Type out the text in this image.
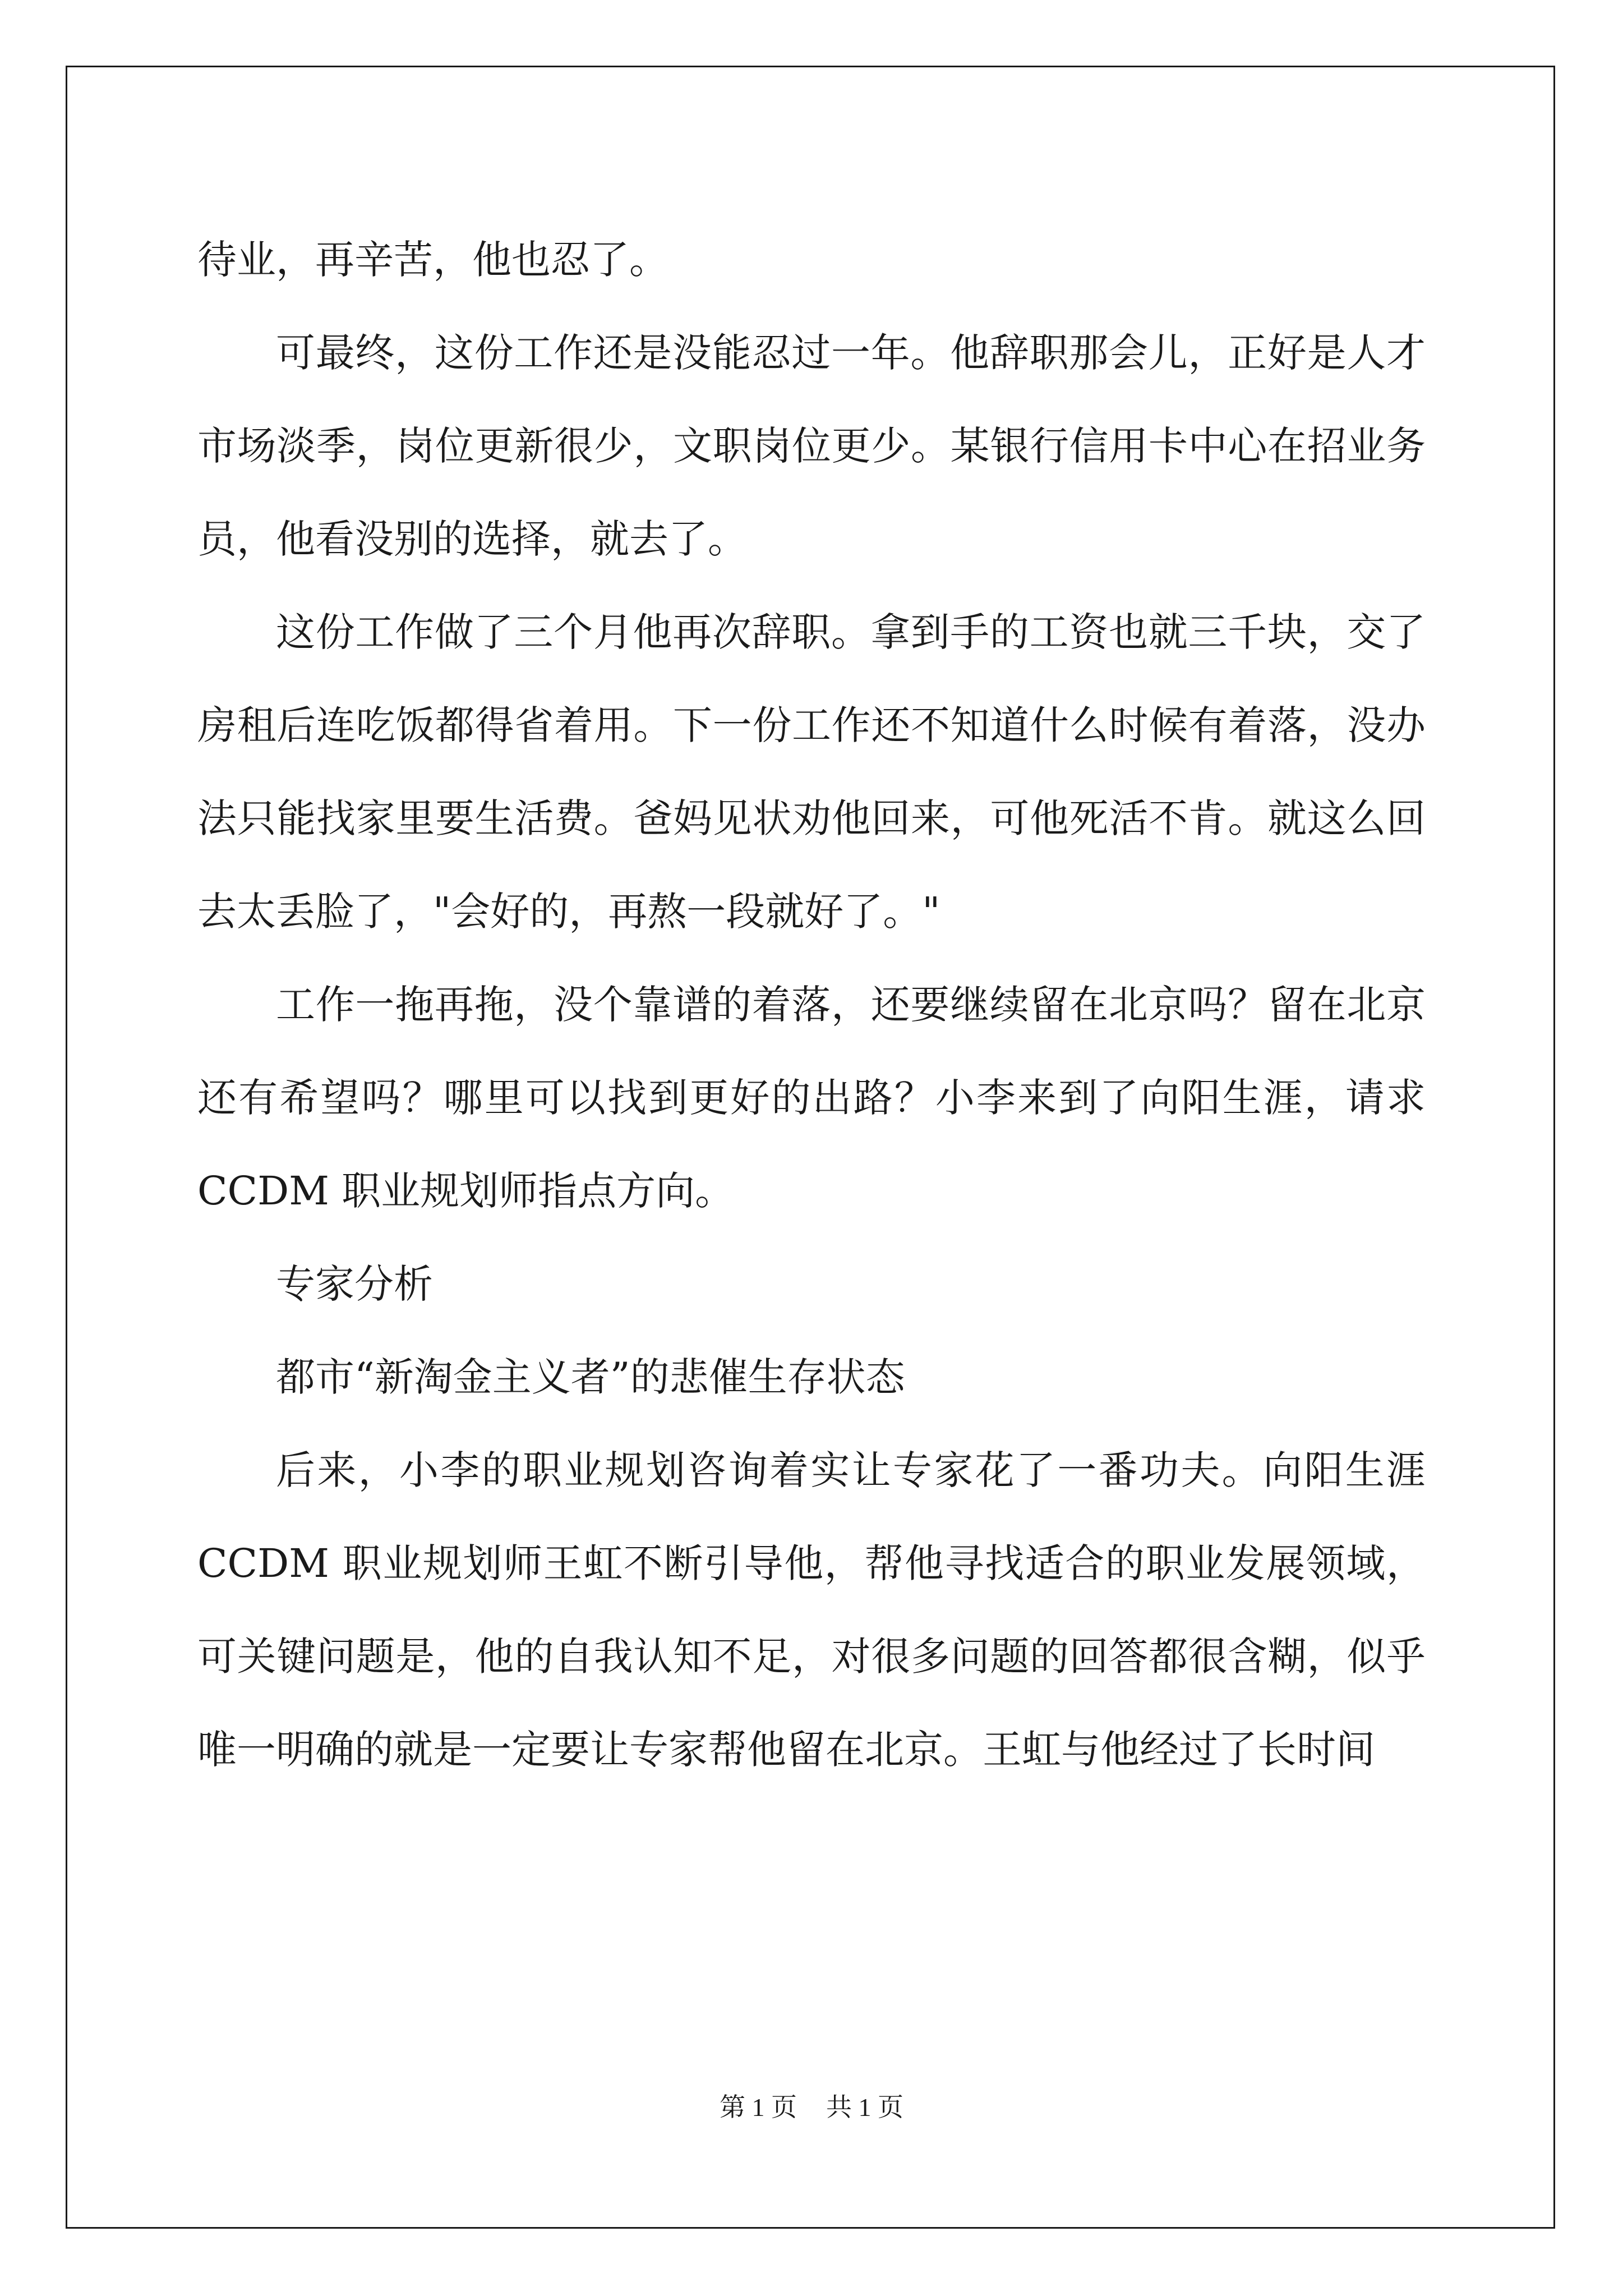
待业，再辛苦，他也忍了。

可最终，这份工作还是没能忍过一年。他辞职那会儿，正好是人才市场淡季，岗位更新很少，文职岗位更少。某银行信用卡中心在招业务员，他看没别的选择，就去了。

这份工作做了三个月他再次辞职。拿到手的工资也就三千块，交了房租后连吃饭都得省着用。下一份工作还不知道什么时候有着落，没办法只能找家里要生活费。爸妈见状劝他回来，可他死活不肯。就这么回去太丢脸了，"会好的，再熬一段就好了。"

工作一拖再拖，没个靠谱的着落，还要继续留在北京吗？留在北京还有希望吗？哪里可以找到更好的出路？小李来到了向阳生涯，请求 CCDM 职业规划师指点方向。

专家分析

都市“新淘金主义者”的悲催生存状态

后来，小李的职业规划咨询着实让专家花了一番功夫。向阳生涯 CCDM 职业规划师王虹不断引导他，帮他寻找适合的职业发展领域，可关键问题是，他的自我认知不足，对很多问题的回答都很含糊，似乎唯一明确的就是一定要让专家帮他留在北京。王虹与他经过了长时间

第 1 页 共 1 页
